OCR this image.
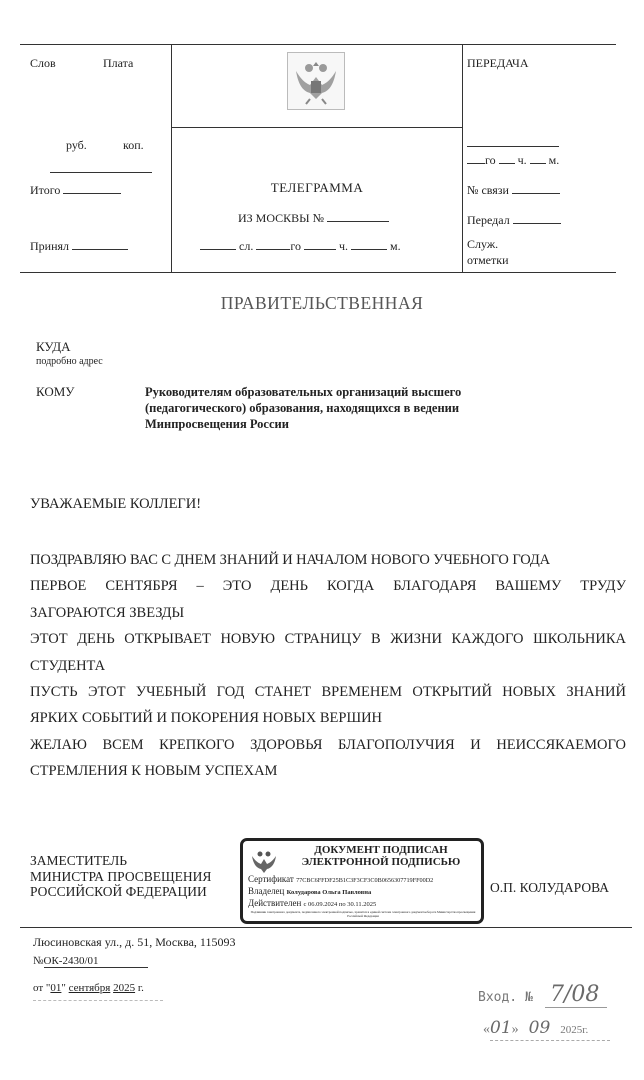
Слов	Плата
руб.	коп.
Итого
Принял
ТЕЛЕГРАММА
ИЗ МОСКВЫ №
сл.	го	ч.	м.
ПЕРЕДАЧА
го ч. м.
№ связи
Передал
Служ.
отметки
ПРАВИТЕЛЬСТВЕННАЯ
КУДА
подробно адрес
КОМУ	Руководителям образовательных организаций высшего
(педагогического) образования, находящихся в ведении
Минпросвещения России
УВАЖАЕМЫЕ КОЛЛЕГИ!
ПОЗДРАВЛЯЮ ВАС С ДНЕМ ЗНАНИЙ И НАЧАЛОМ НОВОГО УЧЕБНОГО ГОДА
ПЕРВОЕ СЕНТЯБРЯ – ЭТО ДЕНЬ КОГДА БЛАГОДАРЯ ВАШЕМУ ТРУДУ
ЗАГОРАЮТСЯ ЗВЕЗДЫ
ЭТОТ ДЕНЬ ОТКРЫВАЕТ НОВУЮ СТРАНИЦУ В ЖИЗНИ КАЖДОГО ШКОЛЬНИКА
СТУДЕНТА
ПУСТЬ ЭТОТ УЧЕБНЫЙ ГОД СТАНЕТ ВРЕМЕНЕМ ОТКРЫТИЙ НОВЫХ ЗНАНИЙ
ЯРКИХ СОБЫТИЙ И ПОКОРЕНИЯ НОВЫХ ВЕРШИН
ЖЕЛАЮ ВСЕМ КРЕПКОГО ЗДОРОВЬЯ БЛАГОПОЛУЧИЯ И НЕИССЯКАЕМОГО
СТРЕМЛЕНИЯ К НОВЫМ УСПЕХАМ
ЗАМЕСТИТЕЛЬ
МИНИСТРА ПРОСВЕЩЕНИЯ
РОССИЙСКОЙ ФЕДЕРАЦИИ
ДОКУМЕНТ ПОДПИСАН
ЭЛЕКТРОННОЙ ПОДПИСЬЮ
Сертификат 77CBC6FFDF25B1C3F3CF3C0B0656307719FF00D2
Владелец Колударова Ольга Павловна
Действителен с 06.09.2024 по 30.11.2025
Подлинник электронного документа, подписанного электронной подписью, хранится в единой системе электронного документооборота Министерства просвещения Российской Федерации
О.П. КОЛУДАРОВА
Люсиновская ул., д. 51, Москва, 115093
№ОК-2430/01
от "01" сентября 2025 г.
Вход. № 7/08
«01» 09 2025г.
